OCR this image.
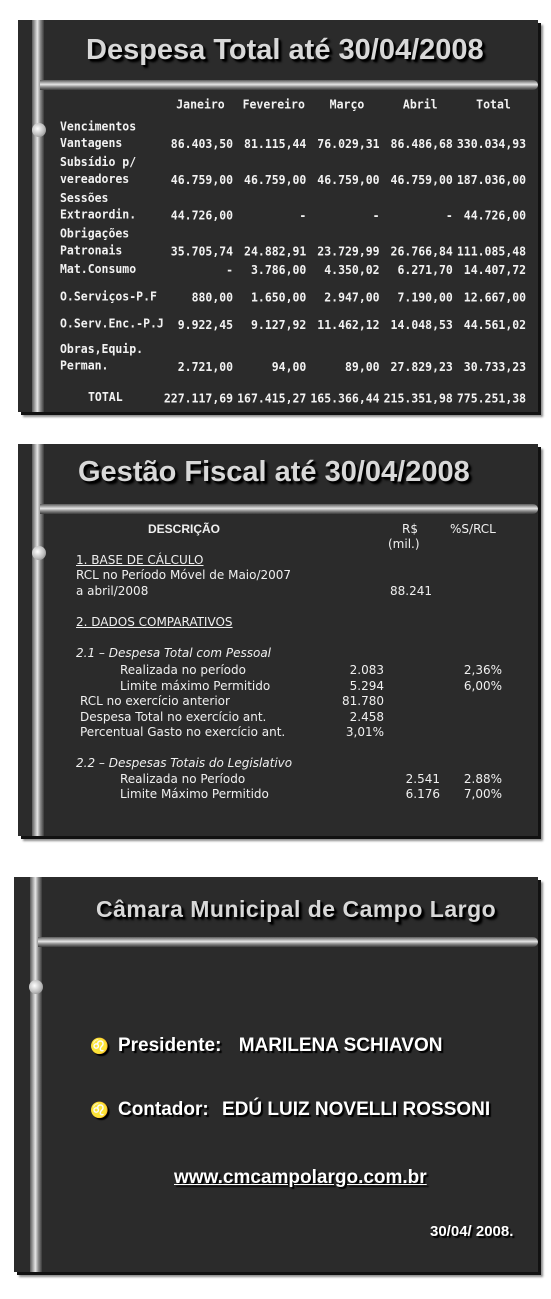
Despesa Total até 30/04/2008
	Janeiro	Fevereiro	Março	Abril	Total

Vencimentos
Vantagens	86.403,50	81.115,44	76.029,31	86.486,68	330.034,93

Subsídio p/
vereadores	46.759,00	46.759,00	46.759,00	46.759,00	187.036,00

Sessões
Extraordin.	44.726,00	-	-	-	44.726,00

Obrigações
Patronais	35.705,74	24.882,91	23.729,99	26.766,84	111.085,48

Mat.Consumo	-	3.786,00	4.350,02	6.271,70	14.407,72

O.Serviços-P.F	880,00	1.650,00	2.947,00	7.190,00	12.667,00

O.Serv.Enc.-P.J	9.922,45	9.127,92	11.462,12	14.048,53	44.561,02

Obras,Equip.
Perman.	2.721,00	94,00	89,00	27.829,23	30.733,23

TOTAL	227.117,69	167.415,27	165.366,44	215.351,98	775.251,38
Gestão Fiscal até 30/04/2008
DESCRIÇÃO	R$
(mil.)
%S/RCL
1. BASE DE CÁLCULO
RCL no Período Móvel de Maio/2007
a abril/2008	88.241
2. DADOS COMPARATIVOS
2.1 – Despesa Total com Pessoal
Realizada no período	2.083	2,36%
Limite máximo Permitido	5.294	6,00%
RCL no exercício anterior	81.780
Despesa Total no exercício ant.	2.458
Percentual Gasto no exercício ant.	3,01%
2.2 – Despesas Totais do Legislativo
Realizada no Período	2.541	2.88%
Limite Máximo Permitido	6.176	7,00%
Câmara Municipal de Campo Largo
♌ Presidente: MARILENA SCHIAVON
♌ Contador: EDÚ LUIZ NOVELLI ROSSONI
www.cmcampolargo.com.br
30/04/ 2008.
